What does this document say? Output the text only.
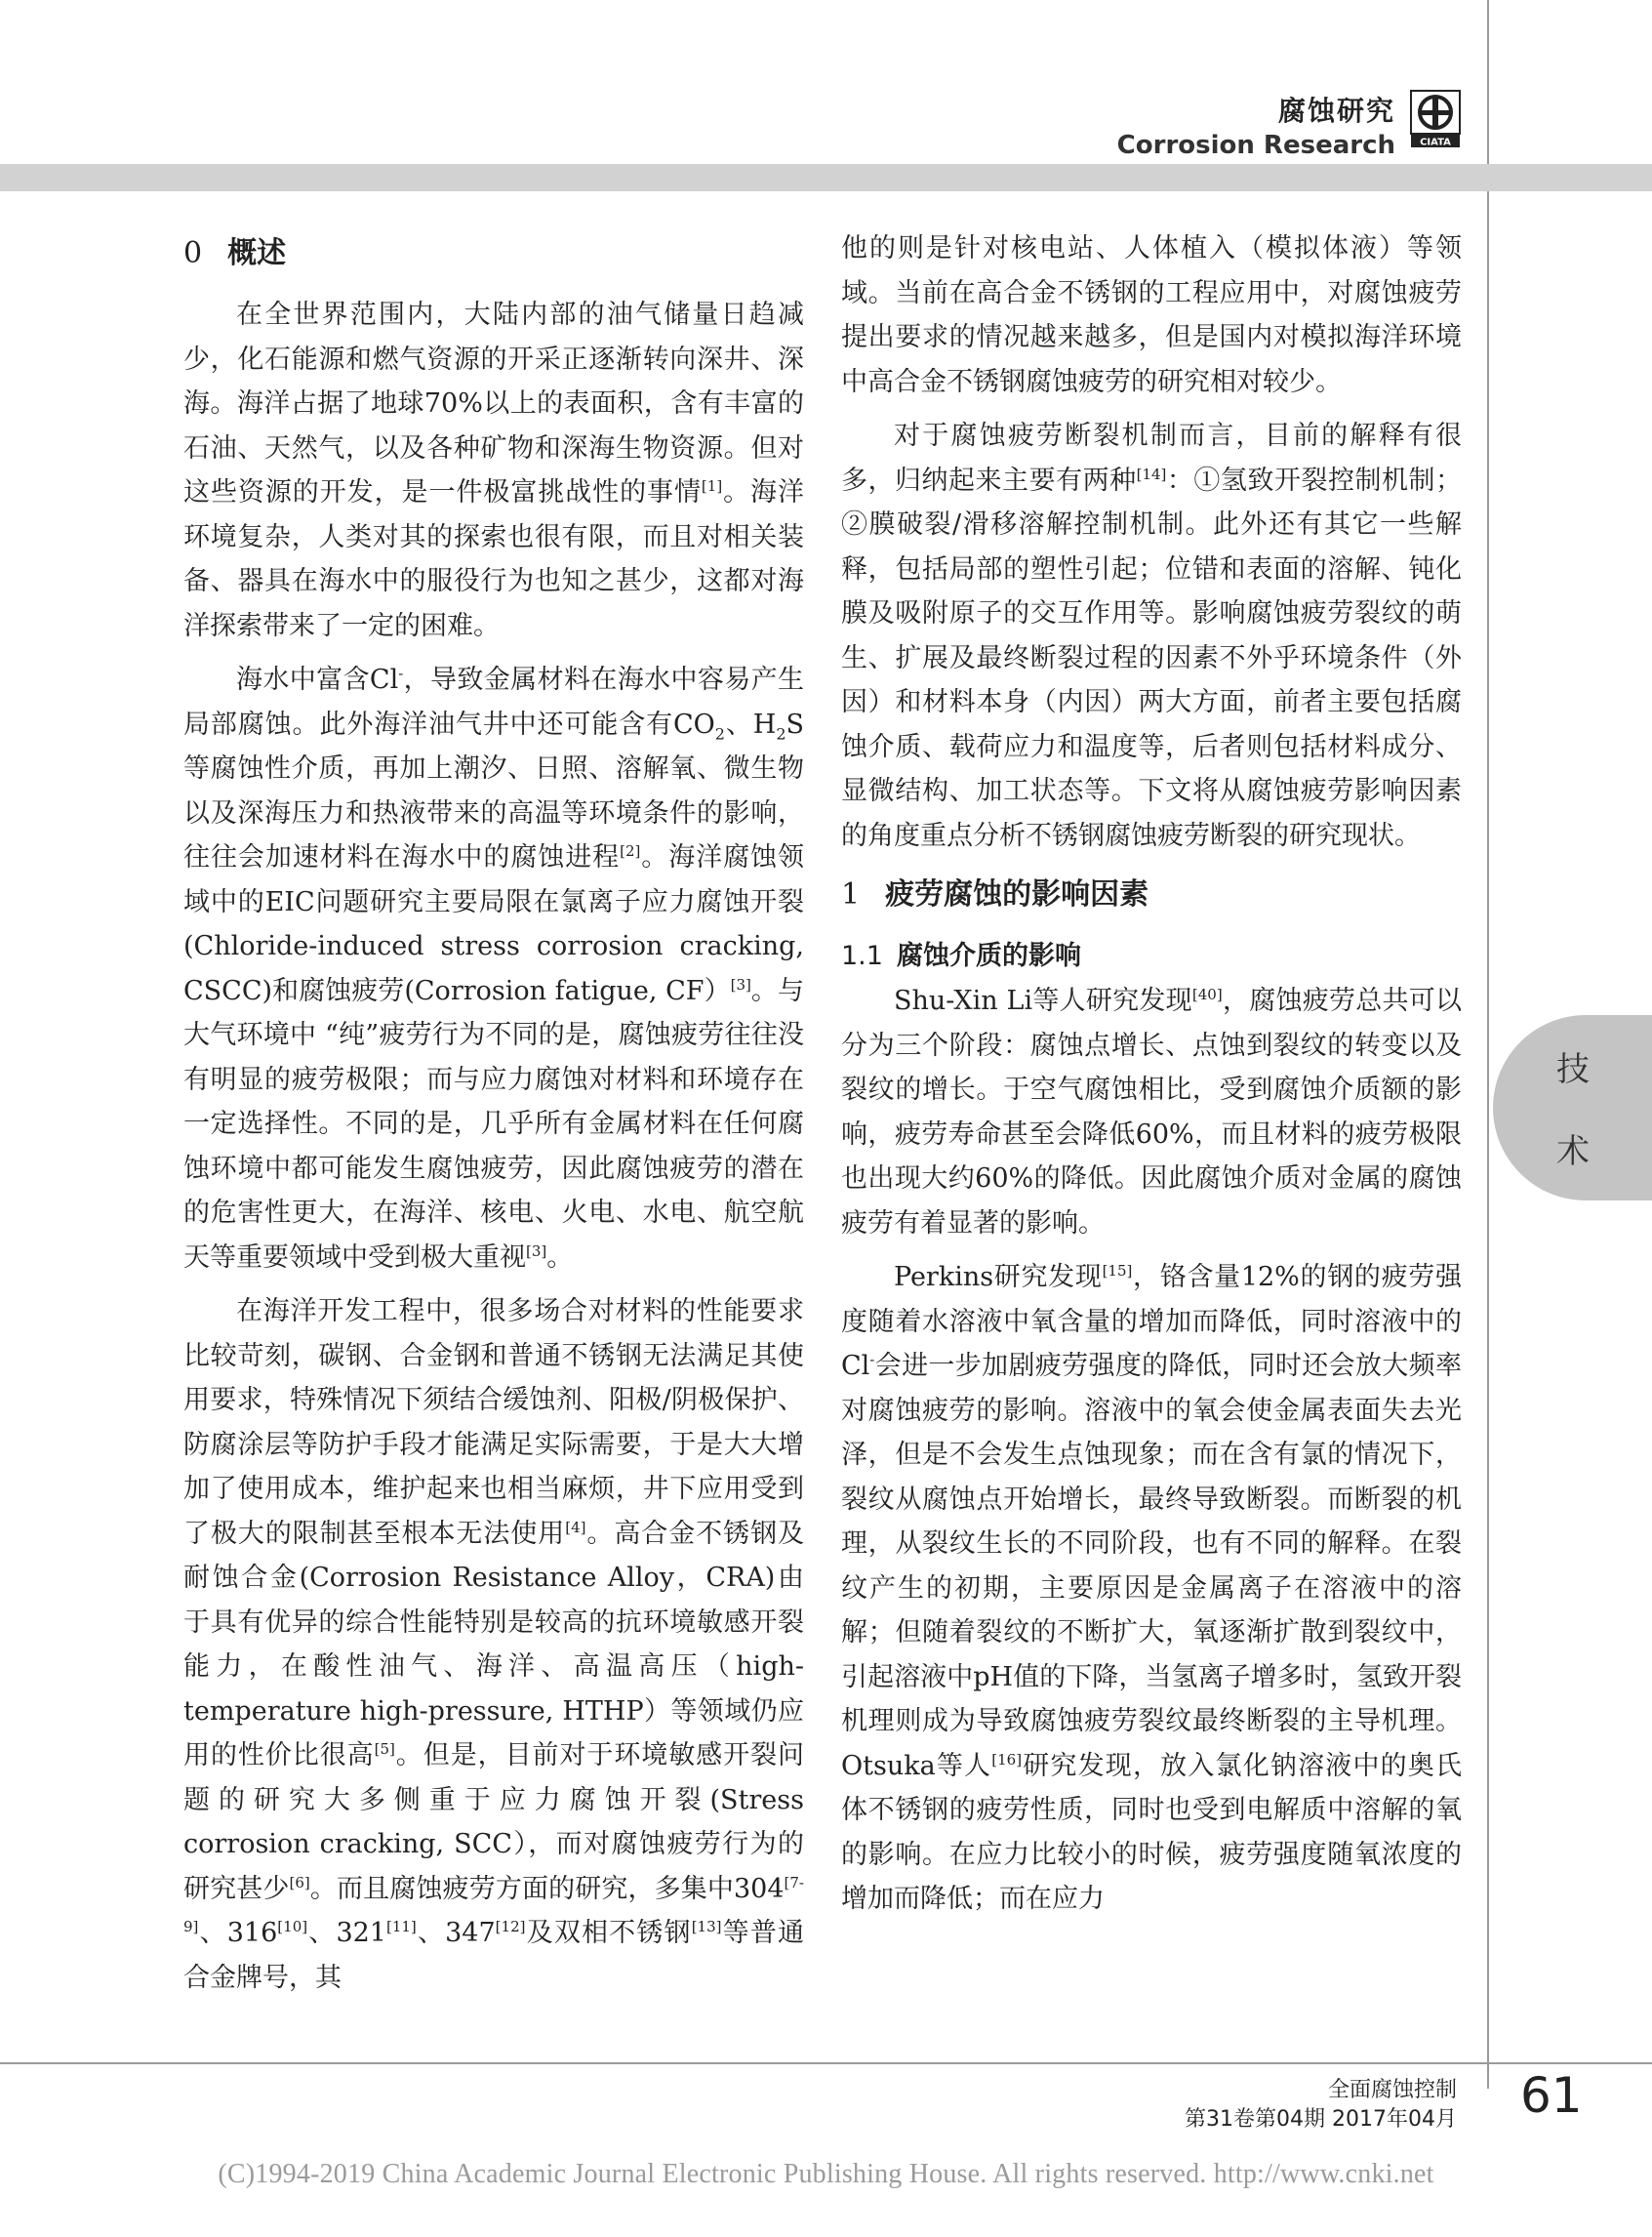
腐蚀研究
Corrosion Research	CIATA
0 概述

在全世界范围内，大陆内部的油气储量日趋减少，化石能源和燃气资源的开采正逐渐转向深井、深海。海洋占据了地球70%以上的表面积，含有丰富的石油、天然气，以及各种矿物和深海生物资源。但对这些资源的开发，是一件极富挑战性的事情[1]。海洋环境复杂，人类对其的探索也很有限，而且对相关装备、器具在海水中的服役行为也知之甚少，这都对海洋探索带来了一定的困难。

海水中富含Cl-，导致金属材料在海水中容易产生局部腐蚀。此外海洋油气井中还可能含有$CO_2$、$H_2S$等腐蚀性介质，再加上潮汐、日照、溶解氧、微生物以及深海压力和热液带来的高温等环境条件的影响，往往会加速材料在海水中的腐蚀进程[2]。海洋腐蚀领域中的EIC问题研究主要局限在氯离子应力腐蚀开裂(Chloride-induced stress corrosion cracking, CSCC)和腐蚀疲劳(Corrosion fatigue, CF）[3]。与大气环境中 “纯”疲劳行为不同的是，腐蚀疲劳往往没有明显的疲劳极限；而与应力腐蚀对材料和环境存在一定选择性。不同的是，几乎所有金属材料在任何腐蚀环境中都可能发生腐蚀疲劳，因此腐蚀疲劳的潜在的危害性更大，在海洋、核电、火电、水电、航空航天等重要领域中受到极大重视[3]。

在海洋开发工程中，很多场合对材料的性能要求比较苛刻，碳钢、合金钢和普通不锈钢无法满足其使用要求，特殊情况下须结合缓蚀剂、阳极/阴极保护、防腐涂层等防护手段才能满足实际需要，于是大大增加了使用成本，维护起来也相当麻烦，井下应用受到了极大的限制甚至根本无法使用[4]。高合金不锈钢及耐蚀合金(Corrosion Resistance Alloy，CRA)由于具有优异的综合性能特别是较高的抗环境敏感开裂能力，在酸性油气、海洋、高温高压（high-temperature high-pressure, HTHP）等领域仍应用的性价比很高[5]。但是，目前对于环境敏感开裂问题的研究大多侧重于应力腐蚀开裂(Stress corrosion cracking, SCC），而对腐蚀疲劳行为的研究甚少[6]。而且腐蚀疲劳方面的研究，多集中304[7-9]、316[10]、321[11]、347[12]及双相不锈钢[13]等普通合金牌号，其

他的则是针对核电站、人体植入（模拟体液）等领域。当前在高合金不锈钢的工程应用中，对腐蚀疲劳提出要求的情况越来越多，但是国内对模拟海洋环境中高合金不锈钢腐蚀疲劳的研究相对较少。

对于腐蚀疲劳断裂机制而言，目前的解释有很多，归纳起来主要有两种[14]：①氢致开裂控制机制；②膜破裂/滑移溶解控制机制。此外还有其它一些解释，包括局部的塑性引起；位错和表面的溶解、钝化膜及吸附原子的交互作用等。影响腐蚀疲劳裂纹的萌生、扩展及最终断裂过程的因素不外乎环境条件（外因）和材料本身（内因）两大方面，前者主要包括腐蚀介质、载荷应力和温度等，后者则包括材料成分、显微结构、加工状态等。下文将从腐蚀疲劳影响因素的角度重点分析不锈钢腐蚀疲劳断裂的研究现状。

1 疲劳腐蚀的影响因素
1.1 腐蚀介质的影响

Shu-Xin Li等人研究发现[40]，腐蚀疲劳总共可以分为三个阶段：腐蚀点增长、点蚀到裂纹的转变以及裂纹的增长。于空气腐蚀相比，受到腐蚀介质额的影响，疲劳寿命甚至会降低60%，而且材料的疲劳极限也出现大约60%的降低。因此腐蚀介质对金属的腐蚀疲劳有着显著的影响。

Perkins研究发现[15]，铬含量12%的钢的疲劳强度随着水溶液中氧含量的增加而降低，同时溶液中的Cl-会进一步加剧疲劳强度的降低，同时还会放大频率对腐蚀疲劳的影响。溶液中的氧会使金属表面失去光泽，但是不会发生点蚀现象；而在含有氯的情况下，裂纹从腐蚀点开始增长，最终导致断裂。而断裂的机理，从裂纹生长的不同阶段，也有不同的解释。在裂纹产生的初期，主要原因是金属离子在溶液中的溶解；但随着裂纹的不断扩大，氧逐渐扩散到裂纹中，引起溶液中pH值的下降，当氢离子增多时，氢致开裂机理则成为导致腐蚀疲劳裂纹最终断裂的主导机理。Otsuka等人[16]研究发现，放入氯化钠溶液中的奥氏体不锈钢的疲劳性质，同时也受到电解质中溶解的氧的影响。在应力比较小的时候，疲劳强度随氧浓度的增加而降低；而在应力

技
术
全面腐蚀控制
第31卷第04期 2017年04月 61
(C)1994-2019 China Academic Journal Electronic Publishing House. All rights reserved. http://www.cnki.net
